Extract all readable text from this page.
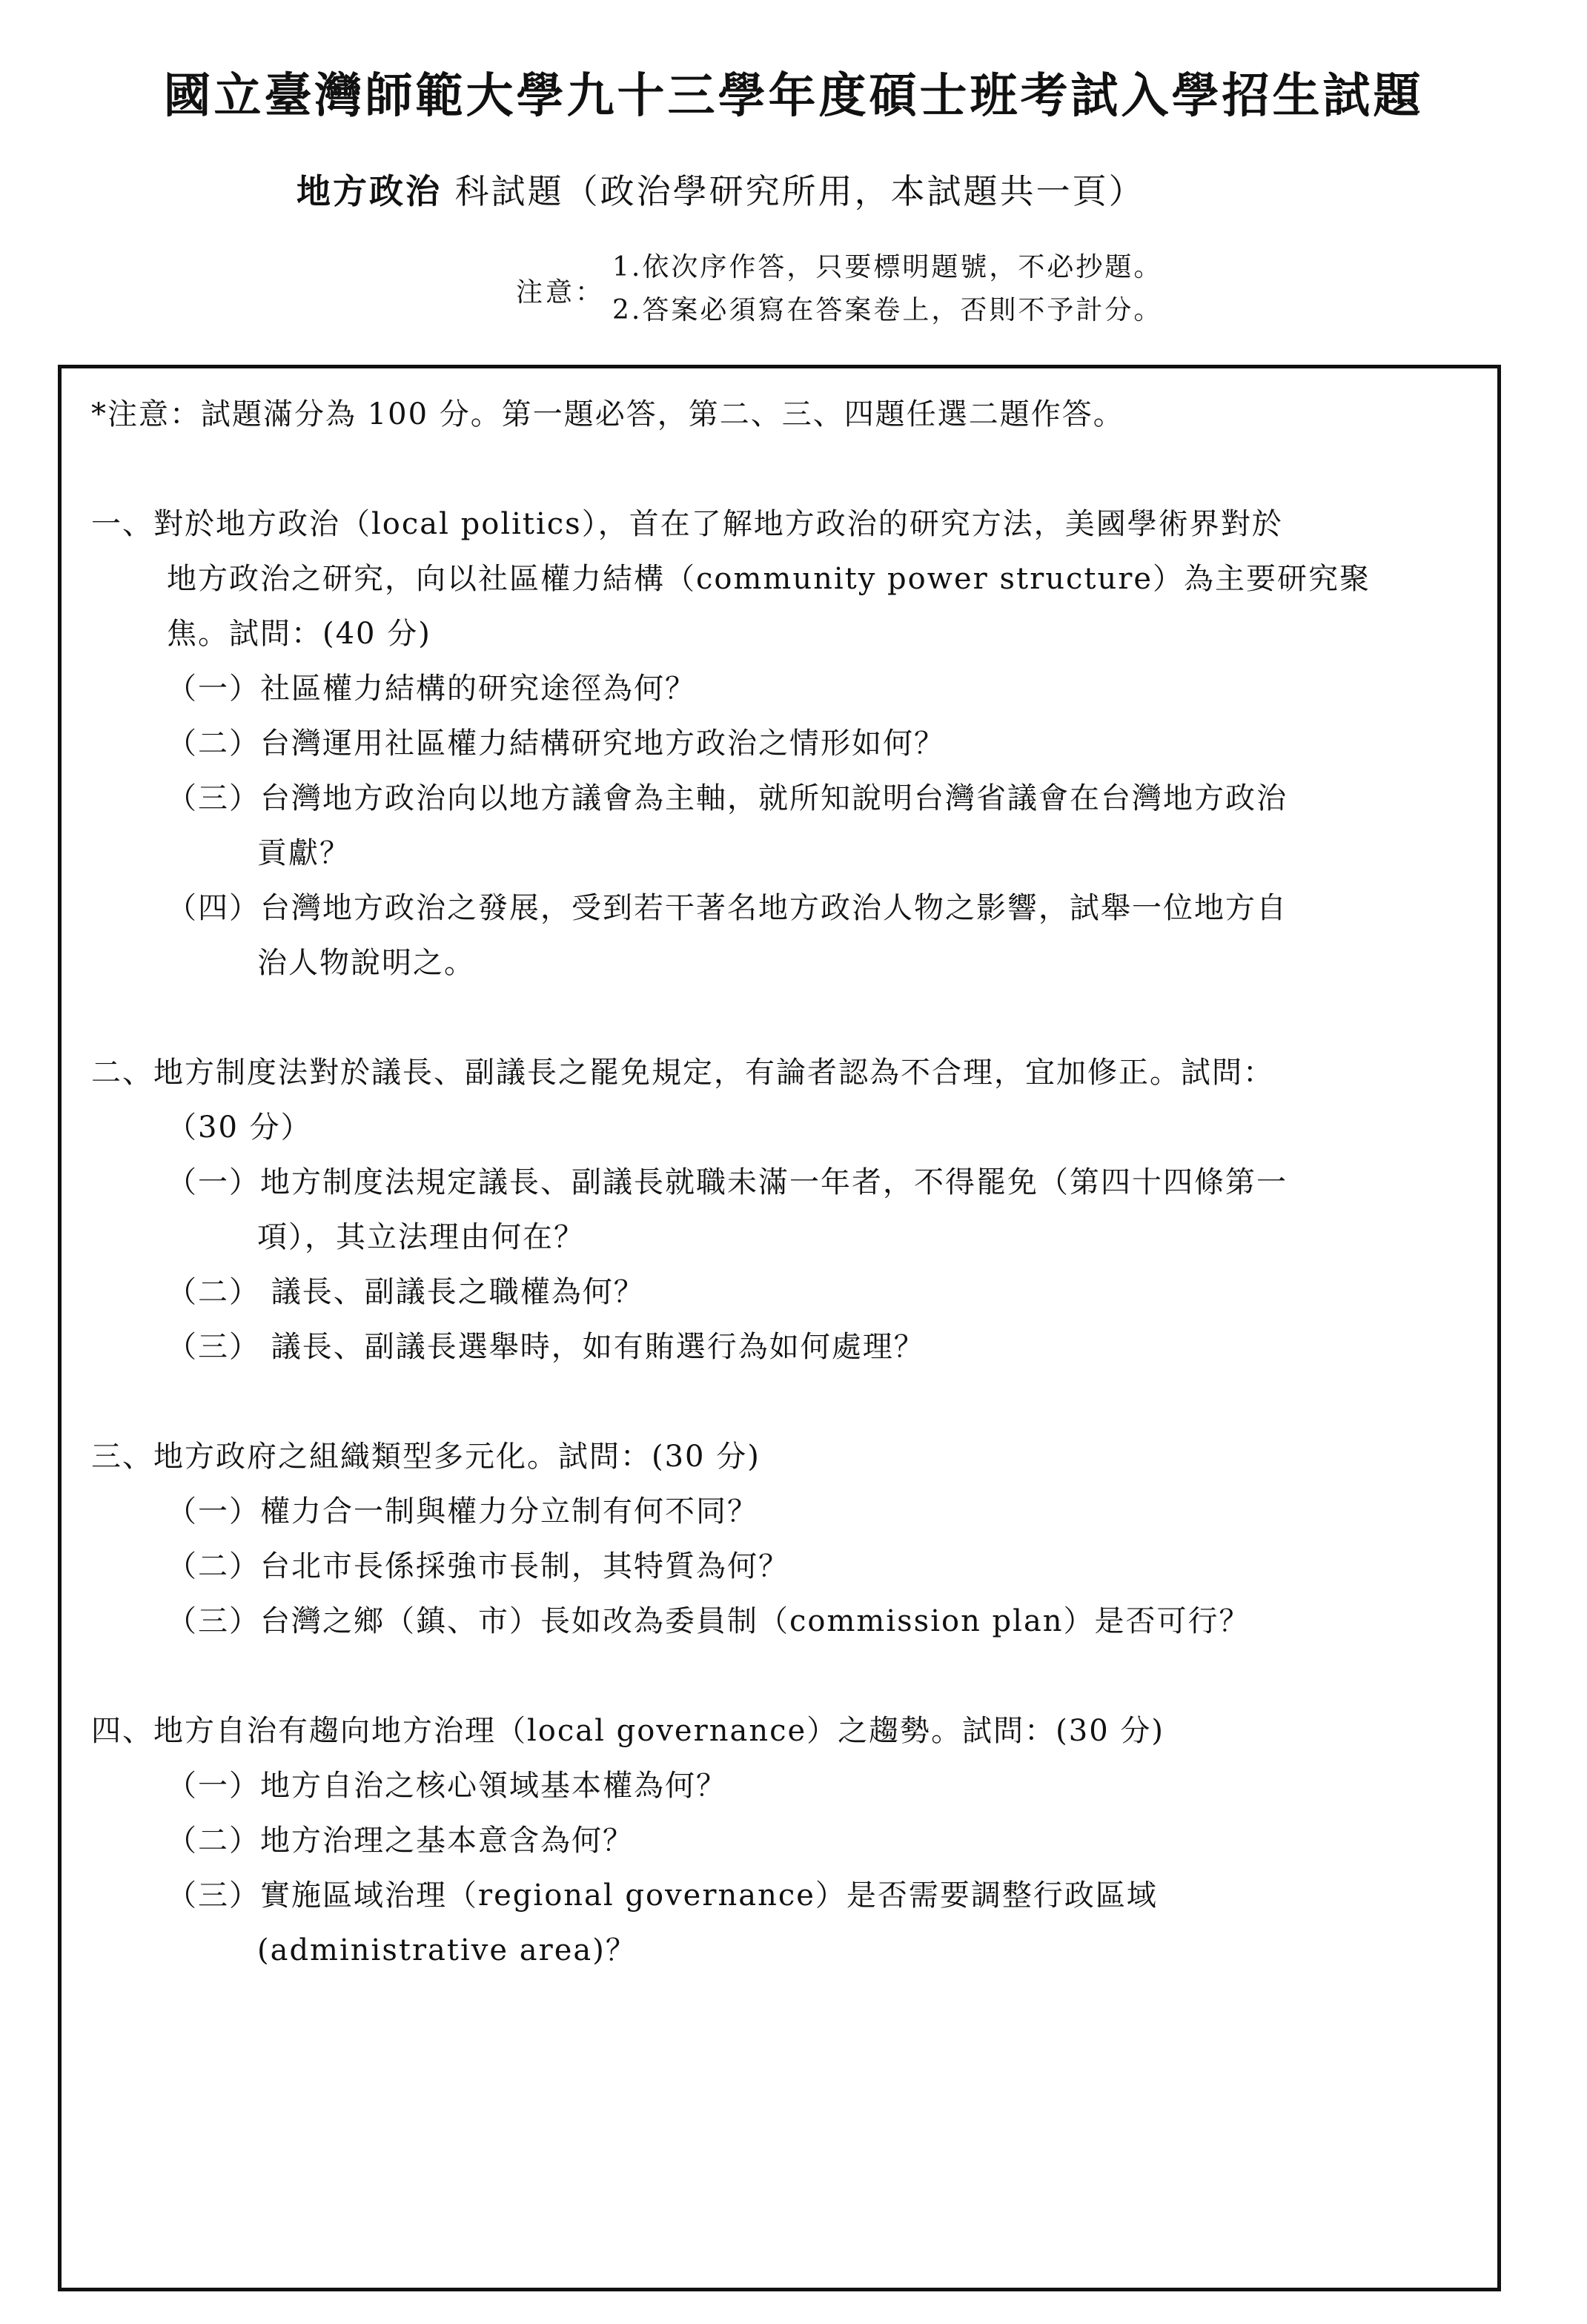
國立臺灣師範大學九十三學年度碩士班考試入學招生試題
地方政治 科試題（政治學研究所用，本試題共一頁）
注意：
1.依次序作答，只要標明題號，不必抄題。
2.答案必須寫在答案卷上，否則不予計分。
*注意：試題滿分為 100 分。第一題必答，第二、三、四題任選二題作答。
一、對於地方政治（local politics），首在了解地方政治的研究方法，美國學術界對於
地方政治之研究，向以社區權力結構（community power structure）為主要研究聚
焦。試問：(40 分)
（一）社區權力結構的研究途徑為何？
（二）台灣運用社區權力結構研究地方政治之情形如何？
（三）台灣地方政治向以地方議會為主軸，就所知說明台灣省議會在台灣地方政治
貢獻？
（四）台灣地方政治之發展，受到若干著名地方政治人物之影響，試舉一位地方自
治人物說明之。
二、地方制度法對於議長、副議長之罷免規定，有論者認為不合理，宜加修正。試問：
（30 分）
（一）地方制度法規定議長、副議長就職未滿一年者，不得罷免（第四十四條第一
項），其立法理由何在？
（二） 議長、副議長之職權為何？
（三） 議長、副議長選舉時，如有賄選行為如何處理？
三、地方政府之組織類型多元化。試問：(30 分)
（一）權力合一制與權力分立制有何不同？
（二）台北市長係採強市長制，其特質為何？
（三）台灣之鄉（鎮、市）長如改為委員制（commission plan）是否可行？
四、地方自治有趨向地方治理（local governance）之趨勢。試問：(30 分)
（一）地方自治之核心領域基本權為何？
（二）地方治理之基本意含為何？
（三）實施區域治理（regional governance）是否需要調整行政區域
(administrative area)？
